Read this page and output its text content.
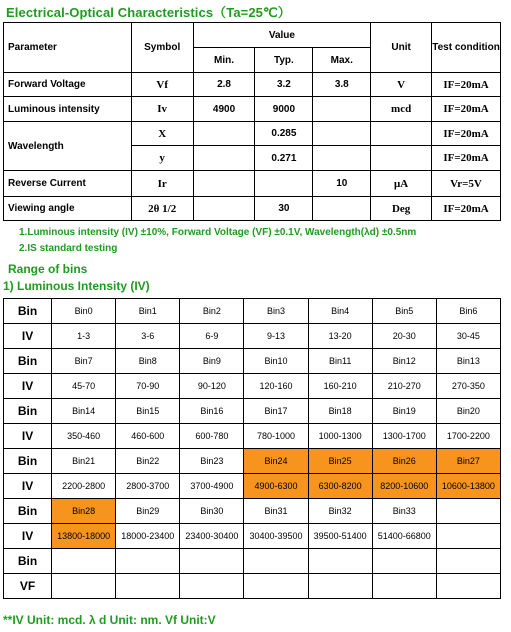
Electrical-Optical Characteristics（Ta=25℃）
Parameter	Symbol	Value			Unit	Test condition
		Min.	Typ.	Max.		
Forward Voltage	Vf	2.8	3.2	3.8	V	IF=20mA
Luminous intensity	Iv	4900	9000		mcd	IF=20mA
Wavelength	X		0.285			IF=20mA
	y		0.271			IF=20mA
Reverse Current	Ir			10	μA	Vr=5V
Viewing angle	2θ 1/2		30		Deg	IF=20mA
1.Luminous intensity (IV) ±10%, Forward Voltage (VF) ±0.1V, Wavelength(λd) ±0.5nm
2.IS standard testing
Range of bins
1) Luminous Intensity (IV)
Bin	Bin0	Bin1	Bin2	Bin3	Bin4	Bin5	Bin6
IV	1-3	3-6	6-9	9-13	13-20	20-30	30-45
Bin	Bin7	Bin8	Bin9	Bin10	Bin11	Bin12	Bin13
IV	45-70	70-90	90-120	120-160	160-210	210-270	270-350
Bin	Bin14	Bin15	Bin16	Bin17	Bin18	Bin19	Bin20
IV	350-460	460-600	600-780	780-1000	1000-1300	1300-1700	1700-2200
Bin	Bin21	Bin22	Bin23	Bin24	Bin25	Bin26	Bin27
IV	2200-2800	2800-3700	3700-4900	4900-6300	6300-8200	8200-10600	10600-13800
Bin	Bin28	Bin29	Bin30	Bin31	Bin32	Bin33	
IV	13800-18000	18000-23400	23400-30400	30400-39500	39500-51400	51400-66800	
Bin							
VF							
**IV Unit: mcd. λ d Unit: nm. Vf Unit:V
